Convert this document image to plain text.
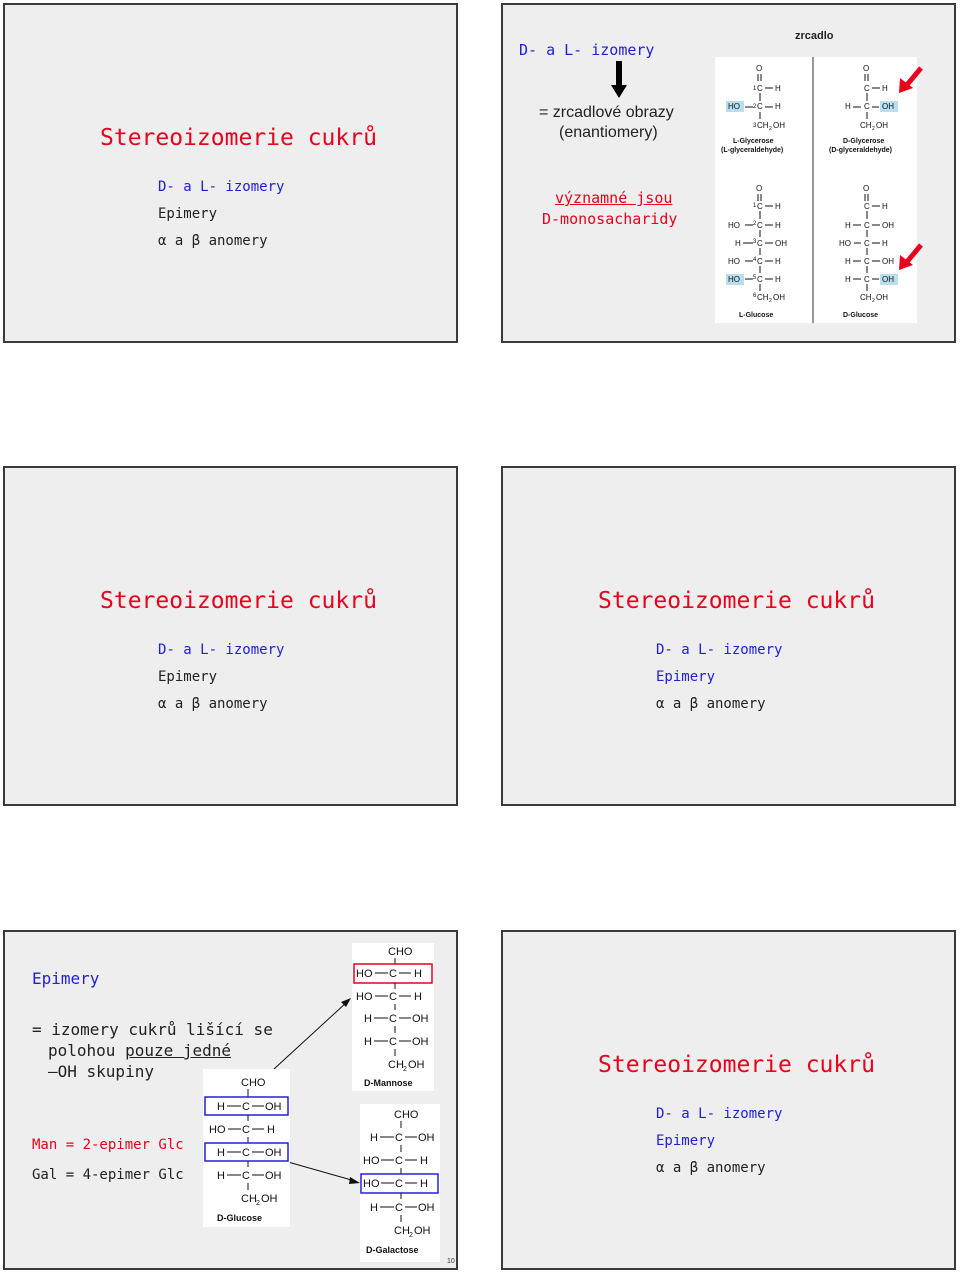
Stereoizomerie cukrů
D- a L- izomery
Epimery
α a β anomery
D- a L- izomery
= zrcadlové obrazy
(enantiomery)
významné jsou
D-monosacharidy
zrcadlo
O
1 C H
HO 2 C H
3 CH 2 OH
L-Glycerose
(L-glyceraldehyde)
O
C H
H C OH
CH 2 OH
D-Glycerose
(D-glyceraldehyde)
O
1 C H
HO 2 C H
H 3 C OH
HO 4 C H
HO 5 C H
6 CH 2 OH
L-Glucose
O
C H
H C OH
HO C H
H C OH
H C OH
CH 2 OH
D-Glucose
Stereoizomerie cukrů
D- a L- izomery
Epimery
α a β anomery
Stereoizomerie cukrů
D- a L- izomery
Epimery
α a β anomery
Epimery
= izomery cukrů lišící se
polohou pouze jedné
–OH skupiny
Man = 2-epimer Glc
Gal = 4-epimer Glc
CHO
H C OH
HO C H
H C OH
H C OH
CH 2 OH
D-Glucose
CHO
HO C H
HO C H
H C OH
H C OH
CH 2 OH
D-Mannose
CHO
H C OH
HO C H
HO C H
H C OH
CH 2 OH
D-Galactose
10
Stereoizomerie cukrů
D- a L- izomery
Epimery
α a β anomery
